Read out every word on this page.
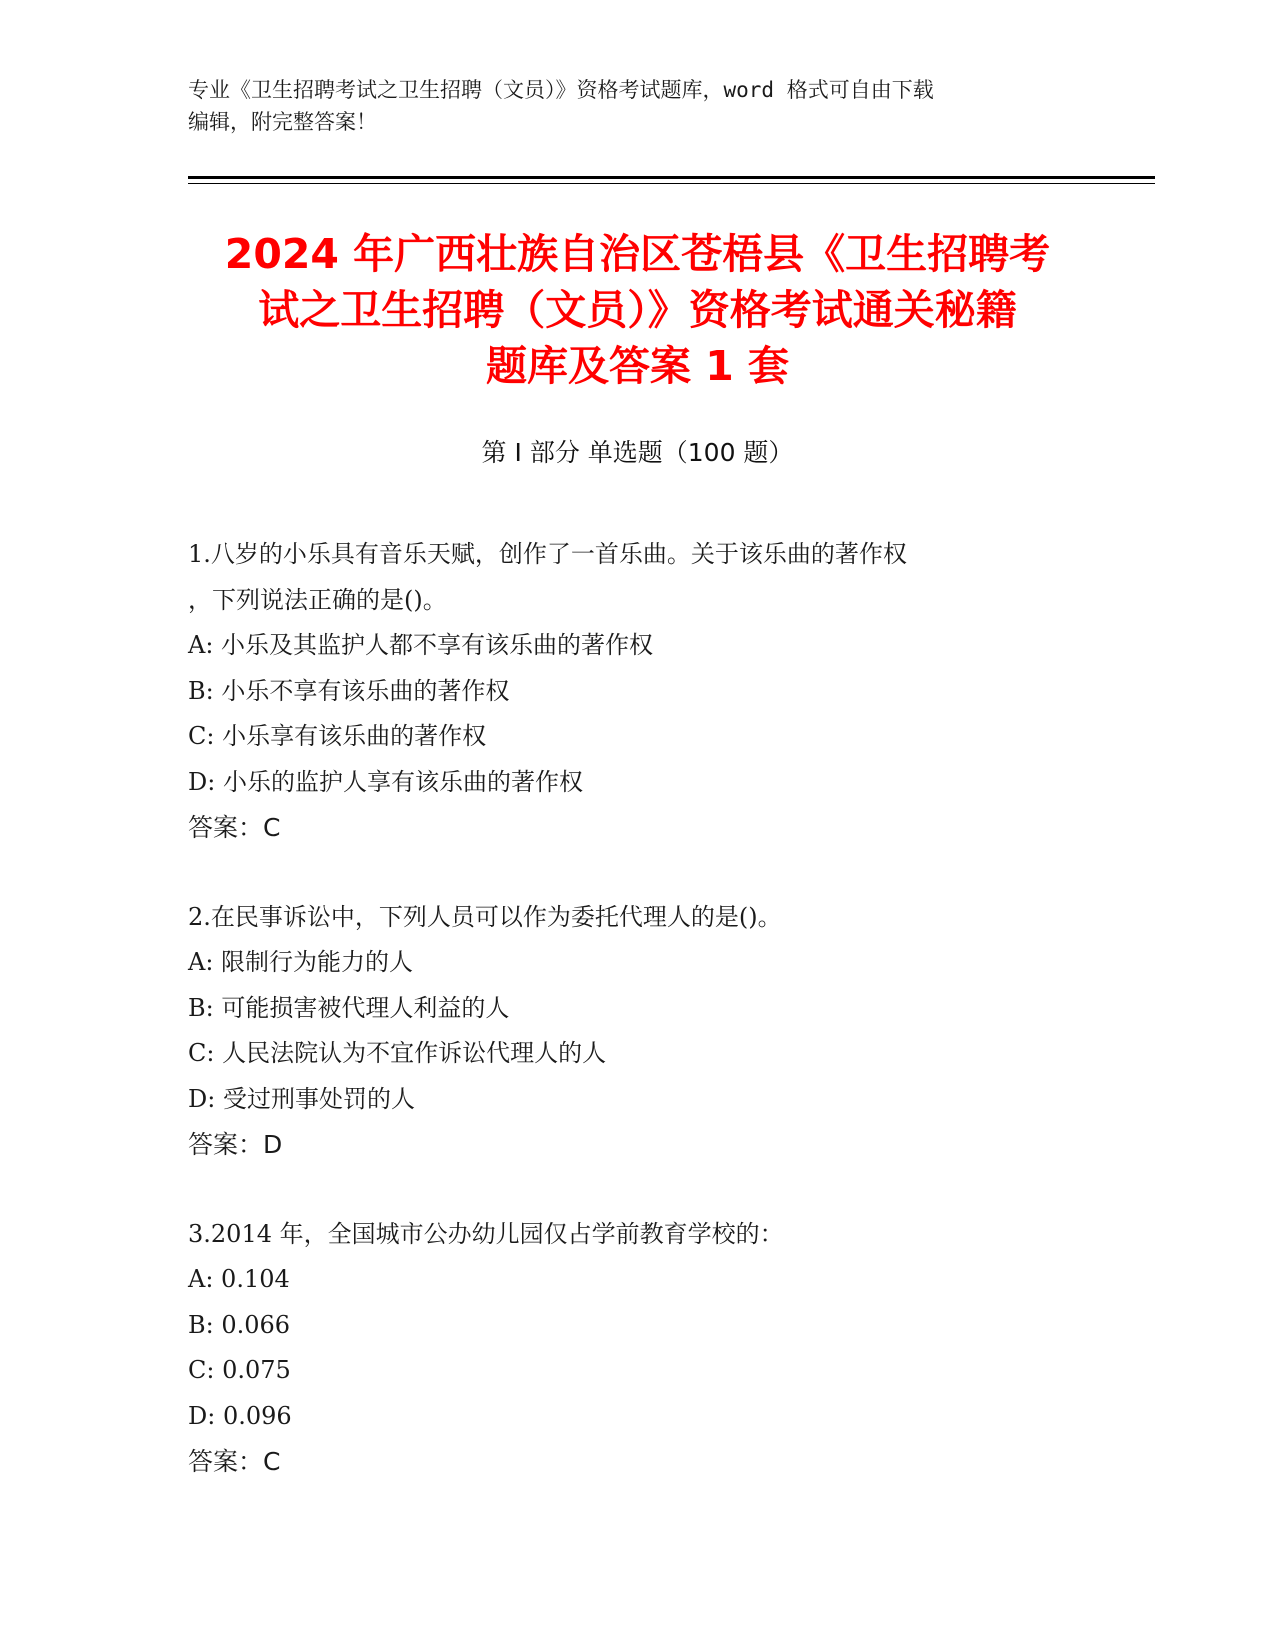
专业《卫生招聘考试之卫生招聘（文员）》资格考试题库，word 格式可自由下载
编辑，附完整答案！
2024 年广西壮族自治区苍梧县《卫生招聘考
试之卫生招聘（文员）》资格考试通关秘籍
题库及答案 1 套
第 I 部分 单选题（100 题）
1.八岁的小乐具有音乐天赋，创作了一首乐曲。关于该乐曲的著作权
，下列说法正确的是()。
A: 小乐及其监护人都不享有该乐曲的著作权
B: 小乐不享有该乐曲的著作权
C: 小乐享有该乐曲的著作权
D: 小乐的监护人享有该乐曲的著作权
答案：C
2.在民事诉讼中，下列人员可以作为委托代理人的是()。
A: 限制行为能力的人
B: 可能损害被代理人利益的人
C: 人民法院认为不宜作诉讼代理人的人
D: 受过刑事处罚的人
答案：D
3.2014 年，全国城市公办幼儿园仅占学前教育学校的：
A: 0.104
B: 0.066
C: 0.075
D: 0.096
答案：C
